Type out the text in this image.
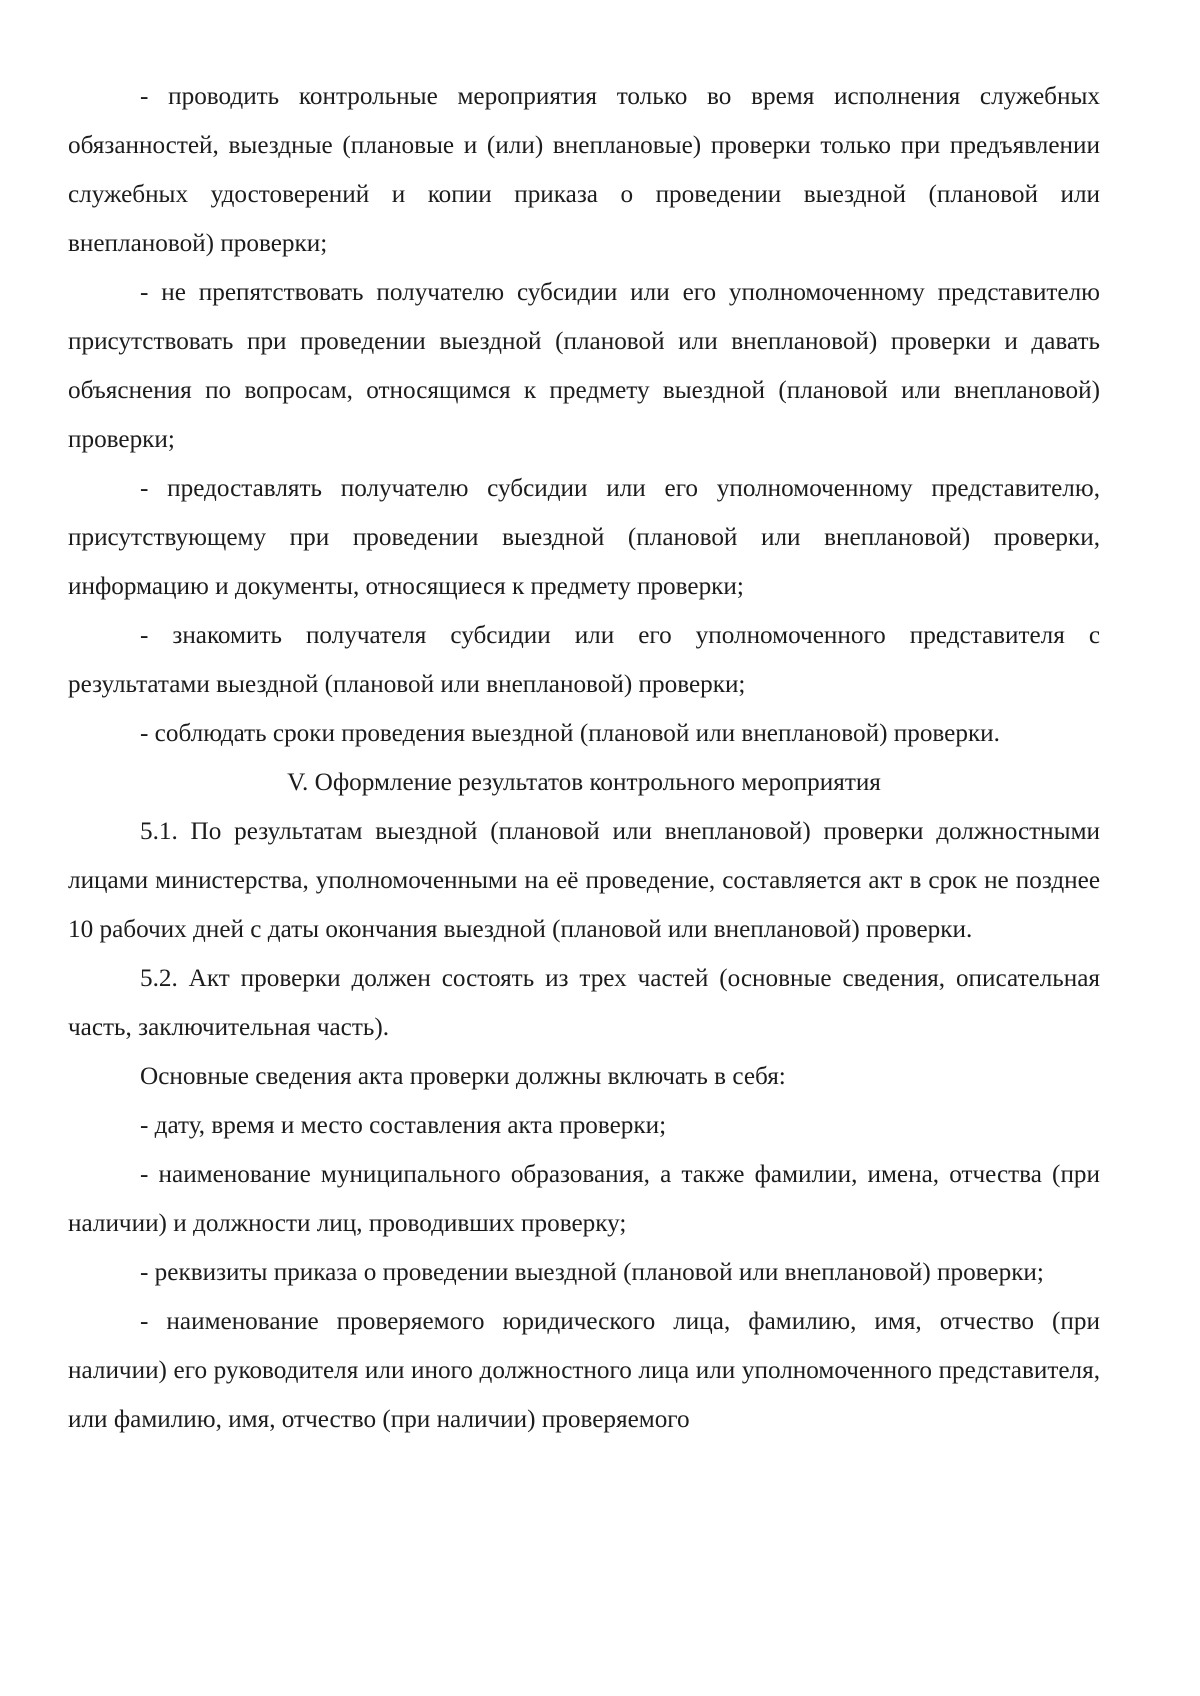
- проводить контрольные мероприятия только во время исполнения служебных обязанностей, выездные (плановые и (или) внеплановые) проверки только при предъявлении служебных удостоверений и копии приказа о проведении выездной (плановой или внеплановой) проверки;

- не препятствовать получателю субсидии или его уполномоченному представителю присутствовать при проведении выездной (плановой или внеплановой) проверки и давать объяснения по вопросам, относящимся к предмету выездной (плановой или внеплановой) проверки;

- предоставлять получателю субсидии или его уполномоченному представителю, присутствующему при проведении выездной (плановой или внеплановой) проверки, информацию и документы, относящиеся к предмету проверки;

- знакомить получателя субсидии или его уполномоченного представителя с результатами выездной (плановой или внеплановой) проверки;

- соблюдать сроки проведения выездной (плановой или внеплановой) проверки.

V. Оформление результатов контрольного мероприятия

5.1. По результатам выездной (плановой или внеплановой) проверки должностными лицами министерства, уполномоченными на её проведение, составляется акт в срок не позднее 10 рабочих дней с даты окончания выездной (плановой или внеплановой) проверки.

5.2. Акт проверки должен состоять из трех частей (основные сведения, описательная часть, заключительная часть).

Основные сведения акта проверки должны включать в себя:

- дату, время и место составления акта проверки;

- наименование муниципального образования, а также фамилии, имена, отчества (при наличии) и должности лиц, проводивших проверку;

- реквизиты приказа о проведении выездной (плановой или внеплановой) проверки;

- наименование проверяемого юридического лица, фамилию, имя, отчество (при наличии) его руководителя или иного должностного лица или уполномоченного представителя, или фамилию, имя, отчество (при наличии) проверяемого
